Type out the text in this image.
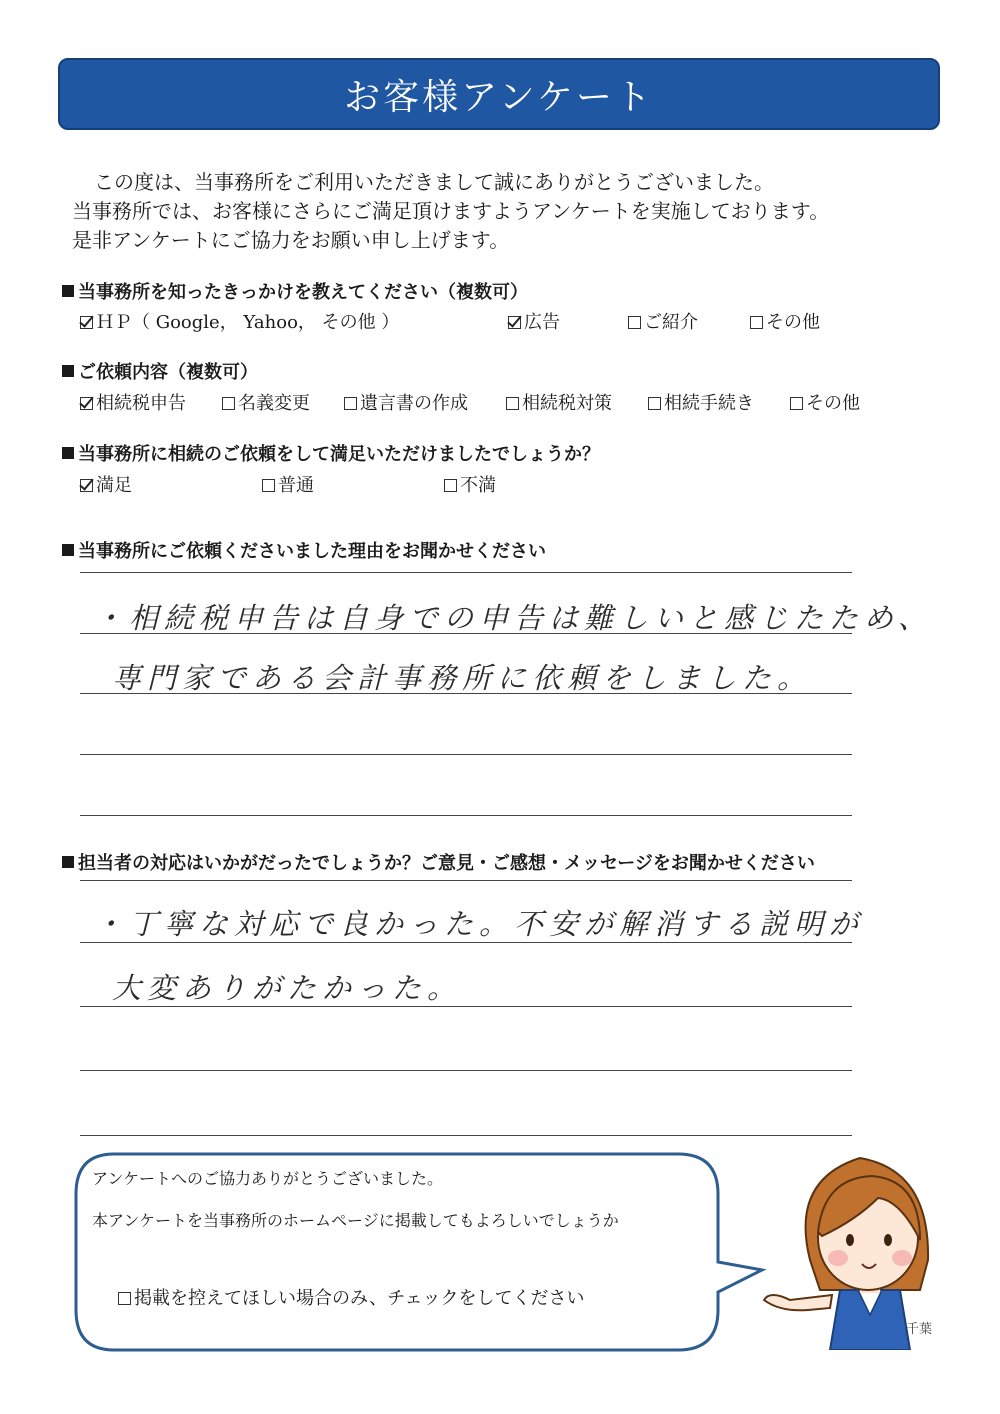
お客様アンケート
この度は、当事務所をご利用いただきまして誠にありがとうございました。
当事務所では、お客様にさらにご満足頂けますようアンケートを実施しております。
是非アンケートにご協力をお願い申し上げます。
当事務所を知ったきっかけを教えてください（複数可）
ＨＰ（ Google， Yahoo， その他 ）	広告	ご紹介	その他
ご依頼内容（複数可）
相続税申告	名義変更	遺言書の作成	相続税対策	相続手続き	その他
当事務所に相続のご依頼をして満足いただけましたでしょうか？
満足	普通	不満
当事務所にご依頼くださいました理由をお聞かせください
・相続税申告は自身での申告は難しいと感じたため、
専門家である会計事務所に依頼をしました。
担当者の対応はいかがだったでしょうか？ご意見・ご感想・メッセージをお聞かせください
・丁寧な対応で良かった。不安が解消する説明が
大変ありがたかった。
アンケートへのご協力ありがとうございました。
本アンケートを当事務所のホームページに掲載してもよろしいでしょうか
掲載を控えてほしい場合のみ、チェックをしてください
千葉
